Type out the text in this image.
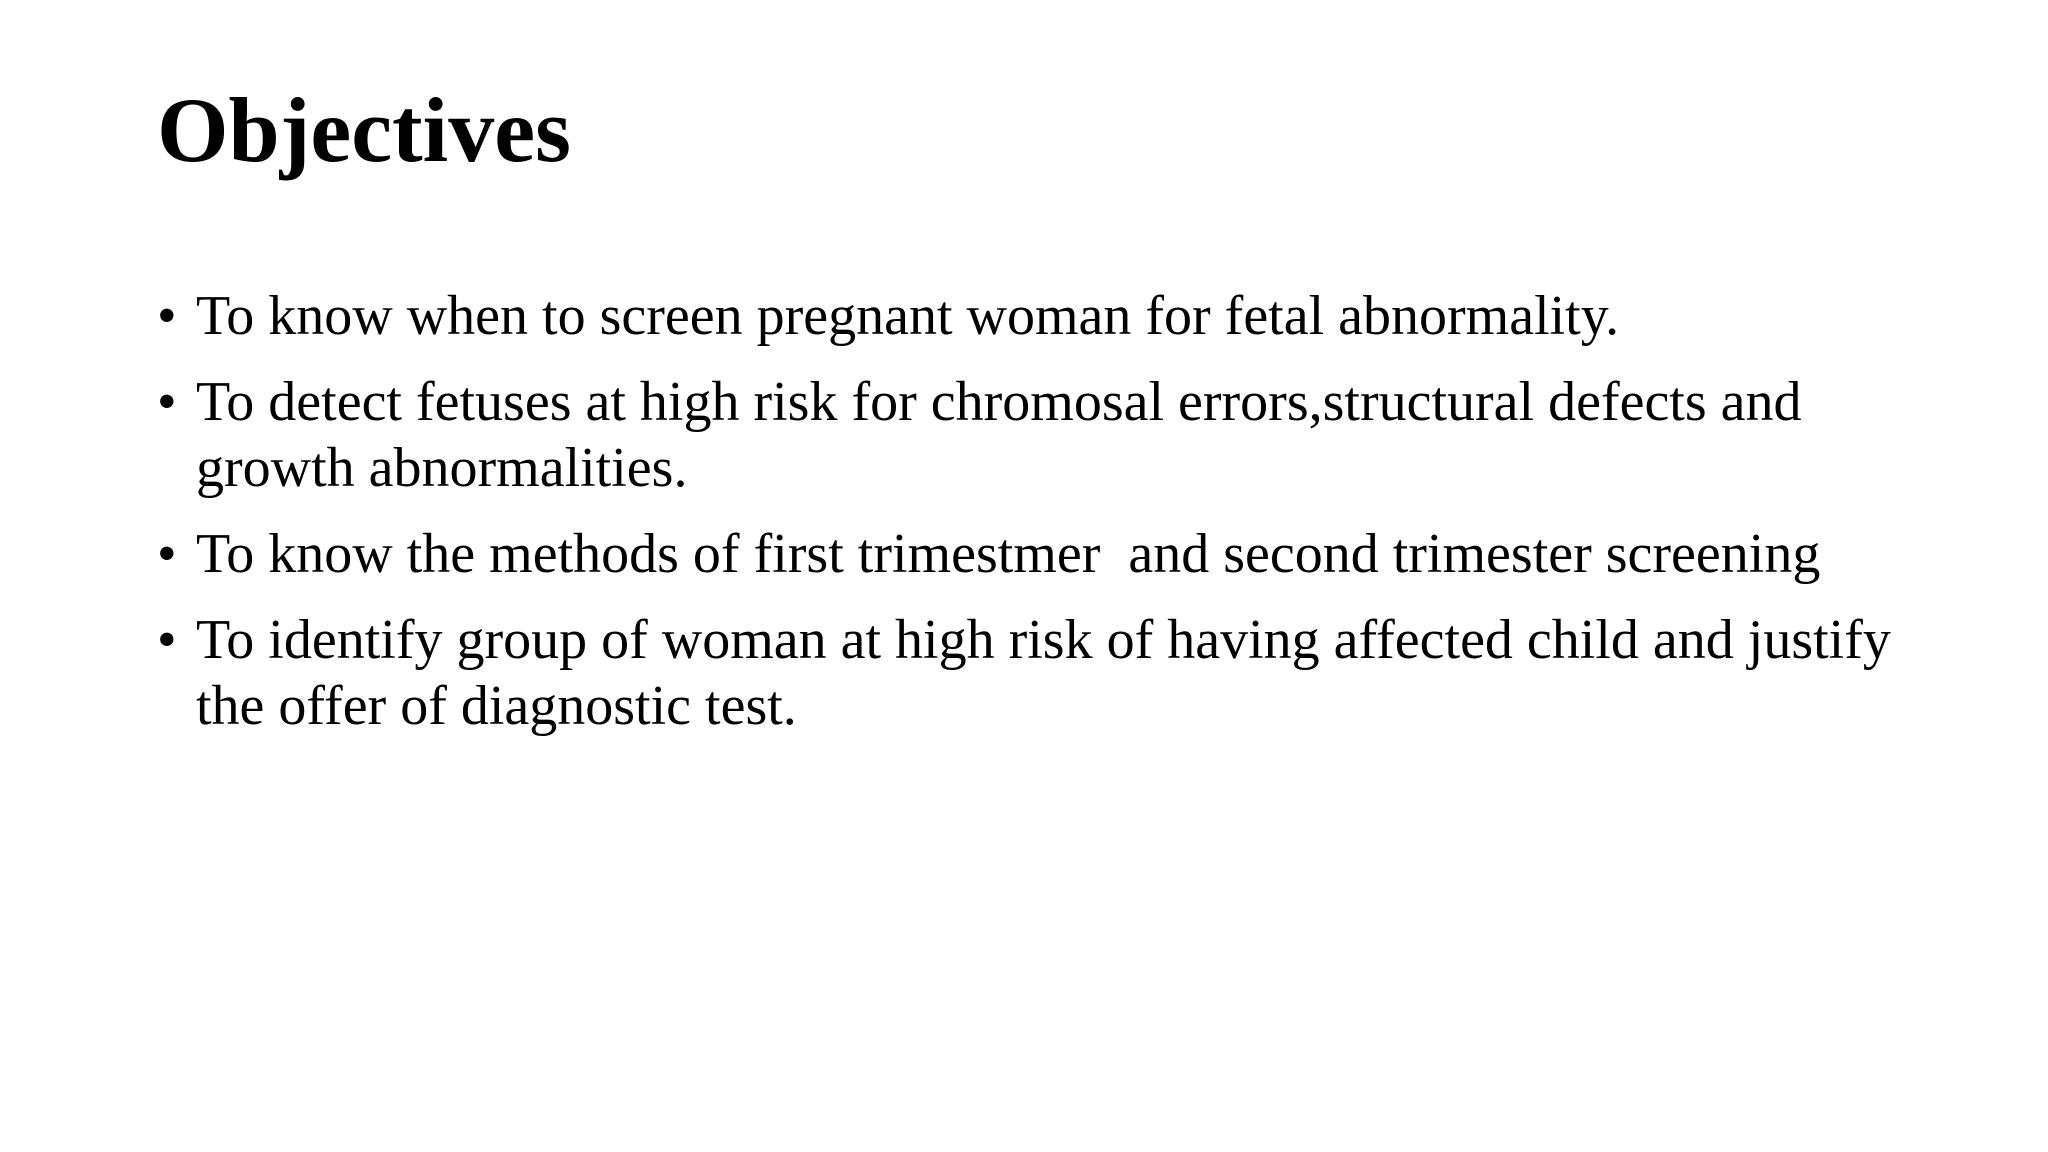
Objectives
• To know when to screen pregnant woman for fetal abnormality.
• To detect fetuses at high risk for chromosal errors,structural defects and growth abnormalities.
• To know the methods of first trimestmer  and second trimester screening
• To identify group of woman at high risk of having affected child and justify the offer of diagnostic test.
